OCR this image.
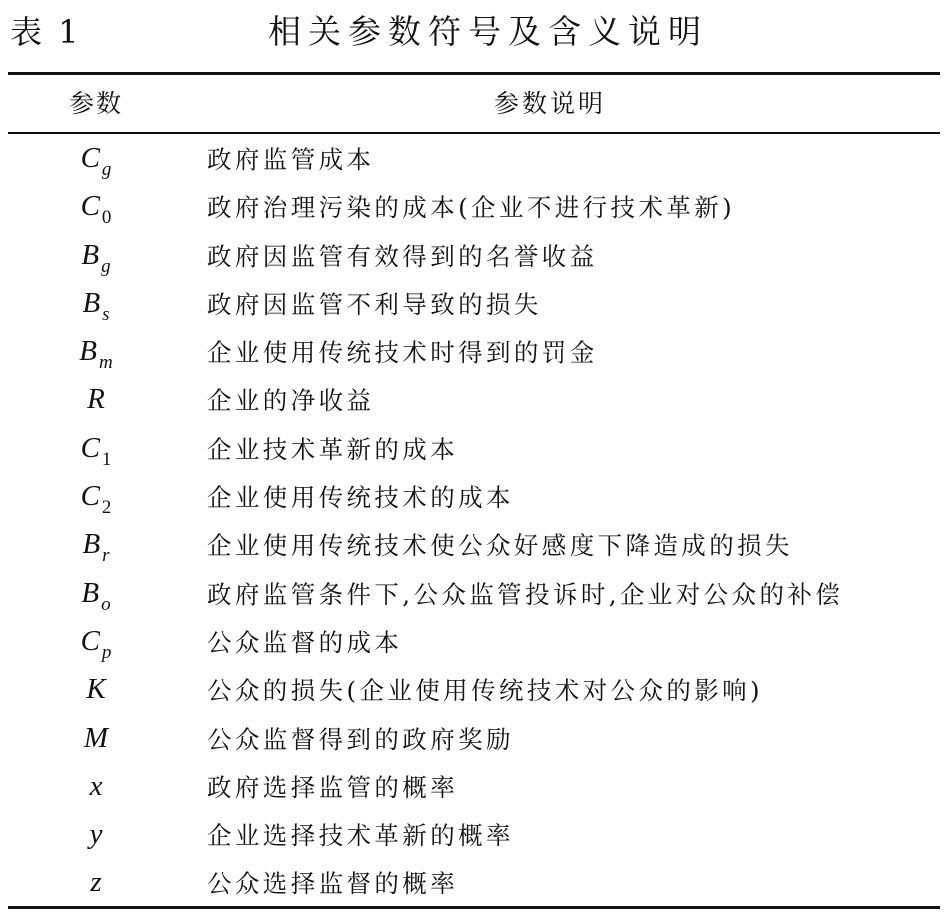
表 1	相关参数符号及含义说明
参数	参数说明
C $_g$	政府监管成本
C $_0$	政府治理污染的成本(企业不进行技术革新)
B $_g$	政府因监管有效得到的名誉收益
B $_s$	政府因监管不利导致的损失
B $_m$	企业使用传统技术时得到的罚金
R	企业的净收益
C $_1$	企业技术革新的成本
C $_2$	企业使用传统技术的成本
B $_r$	企业使用传统技术使公众好感度下降造成的损失
B $_o$	政府监管条件下,公众监管投诉时,企业对公众的补偿
C $_p$	公众监督的成本
K	公众的损失(企业使用传统技术对公众的影响)
M	公众监督得到的政府奖励
x	政府选择监管的概率
y	企业选择技术革新的概率
z	公众选择监督的概率
